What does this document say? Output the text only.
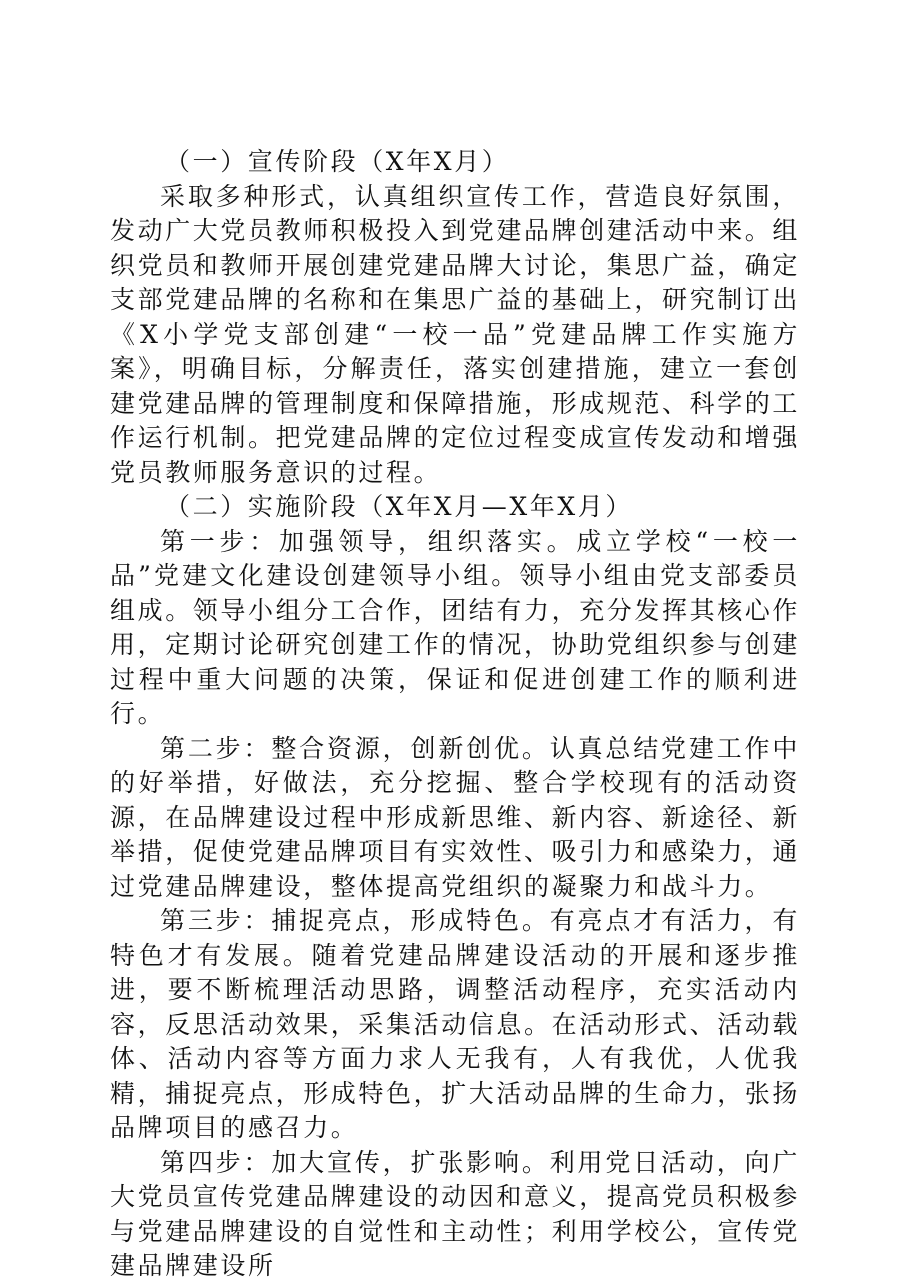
（一）宣传阶段（X年X月）

采取多种形式，认真组织宣传工作，营造良好氛围，发动广大党员教师积极投入到党建品牌创建活动中来。组织党员和教师开展创建党建品牌大讨论，集思广益，确定支部党建品牌的名称和在集思广益的基础上，研究制订出《X小学党支部创建“一校一品”党建品牌工作实施方案》，明确目标，分解责任，落实创建措施，建立一套创建党建品牌的管理制度和保障措施，形成规范、科学的工作运行机制。把党建品牌的定位过程变成宣传发动和增强党员教师服务意识的过程。

（二）实施阶段（X年X月—X年X月）

第一步：加强领导，组织落实。成立学校“一校一品”党建文化建设创建领导小组。领导小组由党支部委员组成。领导小组分工合作，团结有力，充分发挥其核心作用，定期讨论研究创建工作的情况，协助党组织参与创建过程中重大问题的决策，保证和促进创建工作的顺利进行。

第二步：整合资源，创新创优。认真总结党建工作中的好举措，好做法，充分挖掘、整合学校现有的活动资源，在品牌建设过程中形成新思维、新内容、新途径、新举措，促使党建品牌项目有实效性、吸引力和感染力，通过党建品牌建设，整体提高党组织的凝聚力和战斗力。

第三步：捕捉亮点，形成特色。有亮点才有活力，有特色才有发展。随着党建品牌建设活动的开展和逐步推进，要不断梳理活动思路，调整活动程序，充实活动内容，反思活动效果，采集活动信息。在活动形式、活动载体、活动内容等方面力求人无我有，人有我优，人优我精，捕捉亮点，形成特色，扩大活动品牌的生命力，张扬品牌项目的感召力。

第四步：加大宣传，扩张影响。利用党日活动，向广大党员宣传党建品牌建设的动因和意义，提高党员积极参与党建品牌建设的自觉性和主动性；利用学校公，宣传党建品牌建设所
